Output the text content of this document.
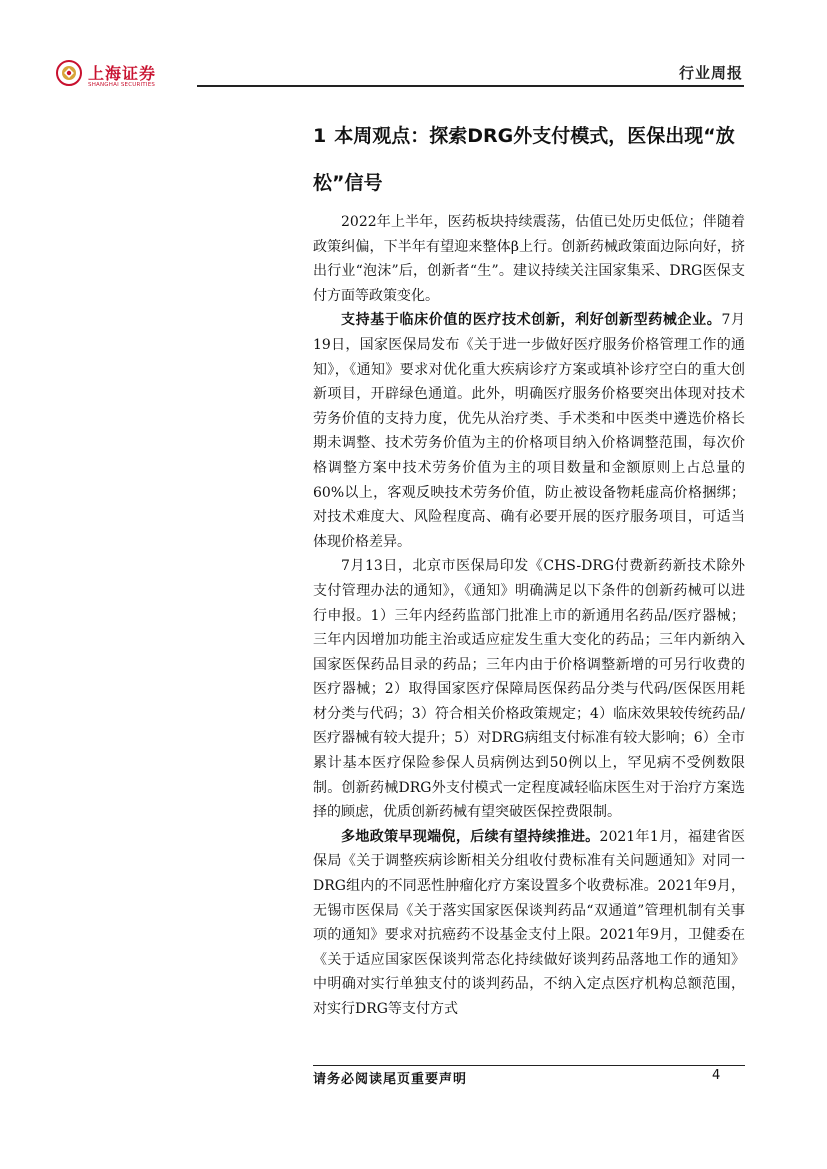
上海证券
SHANGHAI SECURITIES
行业周报
1 本周观点：探索DRG外支付模式，医保出现“放松”信号

2022年上半年，医药板块持续震荡，估值已处历史低位；伴随着政策纠偏，下半年有望迎来整体β上行。创新药械政策面边际向好，挤出行业“泡沫”后，创新者“生”。建议持续关注国家集采、DRG医保支付方面等政策变化。

支持基于临床价值的医疗技术创新，利好创新型药械企业。7月19日，国家医保局发布《关于进一步做好医疗服务价格管理工作的通知》，《通知》要求对优化重大疾病诊疗方案或填补诊疗空白的重大创新项目，开辟绿色通道。此外，明确医疗服务价格要突出体现对技术劳务价值的支持力度，优先从治疗类、手术类和中医类中遴选价格长期未调整、技术劳务价值为主的价格项目纳入价格调整范围，每次价格调整方案中技术劳务价值为主的项目数量和金额原则上占总量的60%以上，客观反映技术劳务价值，防止被设备物耗虚高价格捆绑；对技术难度大、风险程度高、确有必要开展的医疗服务项目，可适当体现价格差异。

7月13日，北京市医保局印发《CHS-DRG付费新药新技术除外支付管理办法的通知》，《通知》明确满足以下条件的创新药械可以进行申报。1）三年内经药监部门批准上市的新通用名药品/医疗器械；三年内因增加功能主治或适应症发生重大变化的药品；三年内新纳入国家医保药品目录的药品；三年内由于价格调整新增的可另行收费的医疗器械；2）取得国家医疗保障局医保药品分类与代码/医保医用耗材分类与代码；3）符合相关价格政策规定；4）临床效果较传统药品/医疗器械有较大提升；5）对DRG病组支付标准有较大影响；6）全市累计基本医疗保险参保人员病例达到50例以上，罕见病不受例数限制。创新药械DRG外支付模式一定程度减轻临床医生对于治疗方案选择的顾虑，优质创新药械有望突破医保控费限制。

多地政策早现端倪，后续有望持续推进。2021年1月，福建省医保局《关于调整疾病诊断相关分组收付费标准有关问题通知》对同一DRG组内的不同恶性肿瘤化疗方案设置多个收费标准。2021年9月，无锡市医保局《关于落实国家医保谈判药品“双通道”管理机制有关事项的通知》要求对抗癌药不设基金支付上限。2021年9月，卫健委在《关于适应国家医保谈判常态化持续做好谈判药品落地工作的通知》中明确对实行单独支付的谈判药品，不纳入定点医疗机构总额范围，对实行DRG等支付方式

请务必阅读尾页重要声明	4
